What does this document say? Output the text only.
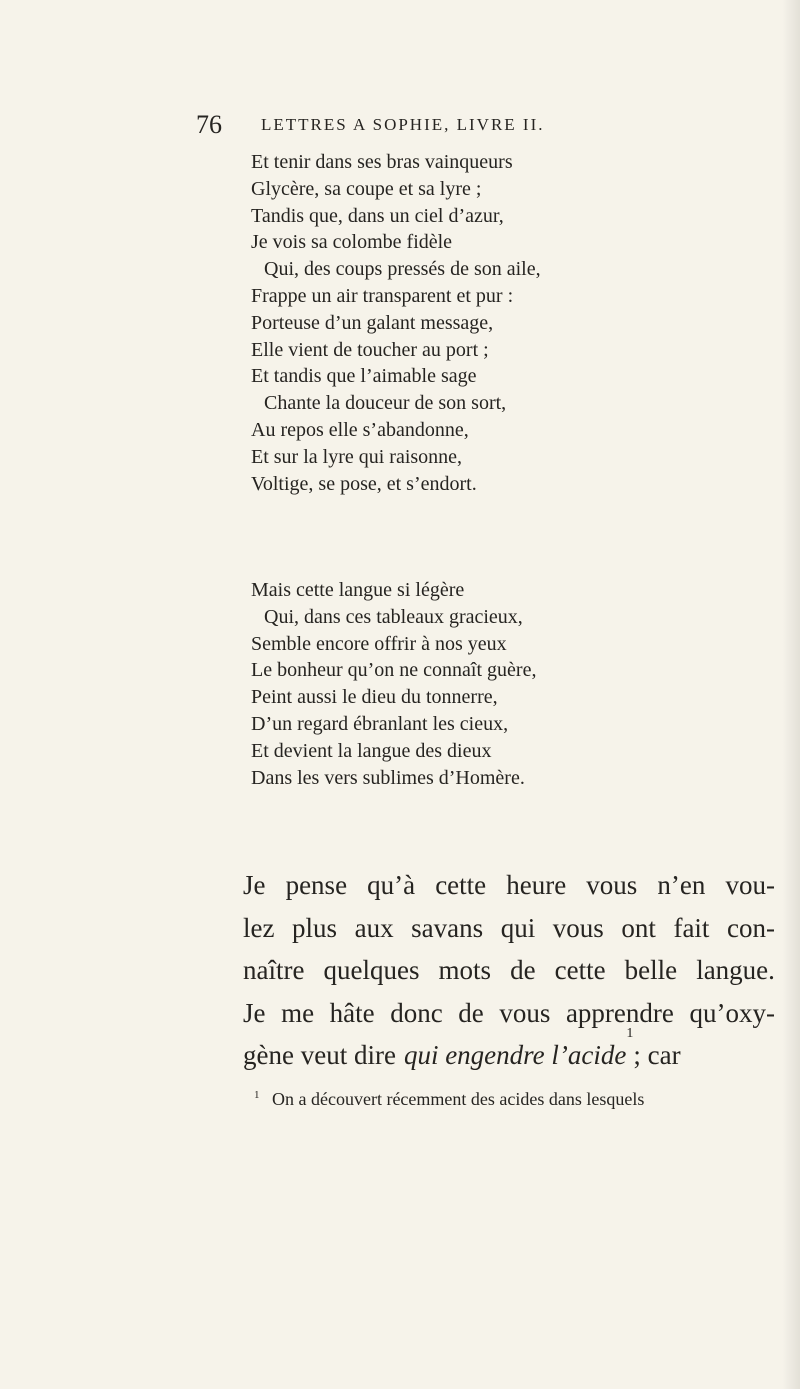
76 LETTRES A SOPHIE, LIVRE II.
Et tenir dans ses bras vainqueurs
Glycère, sa coupe et sa lyre ;
Tandis que, dans un ciel d’azur,
Je vois sa colombe fidèle
Qui, des coups pressés de son aile,
Frappe un air transparent et pur :
Porteuse d’un galant message,
Elle vient de toucher au port ;
Et tandis que l’aimable sage
Chante la douceur de son sort,
Au repos elle s’abandonne,
Et sur la lyre qui raisonne,
Voltige, se pose, et s’endort.
Mais cette langue si légère
Qui, dans ces tableaux gracieux,
Semble encore offrir à nos yeux
Le bonheur qu’on ne connaît guère,
Peint aussi le dieu du tonnerre,
D’un regard ébranlant les cieux,
Et devient la langue des dieux
Dans les vers sublimes d’Homère.
Je pense qu’à cette heure vous n’en vou-
lez plus aux savans qui vous ont fait con-
naître quelques mots de cette belle langue.
Je me hâte donc de vous apprendre qu’oxy-
gène veut dire qui engendre l’acide
1
; car
1 On a découvert récemment des acides dans lesquels
